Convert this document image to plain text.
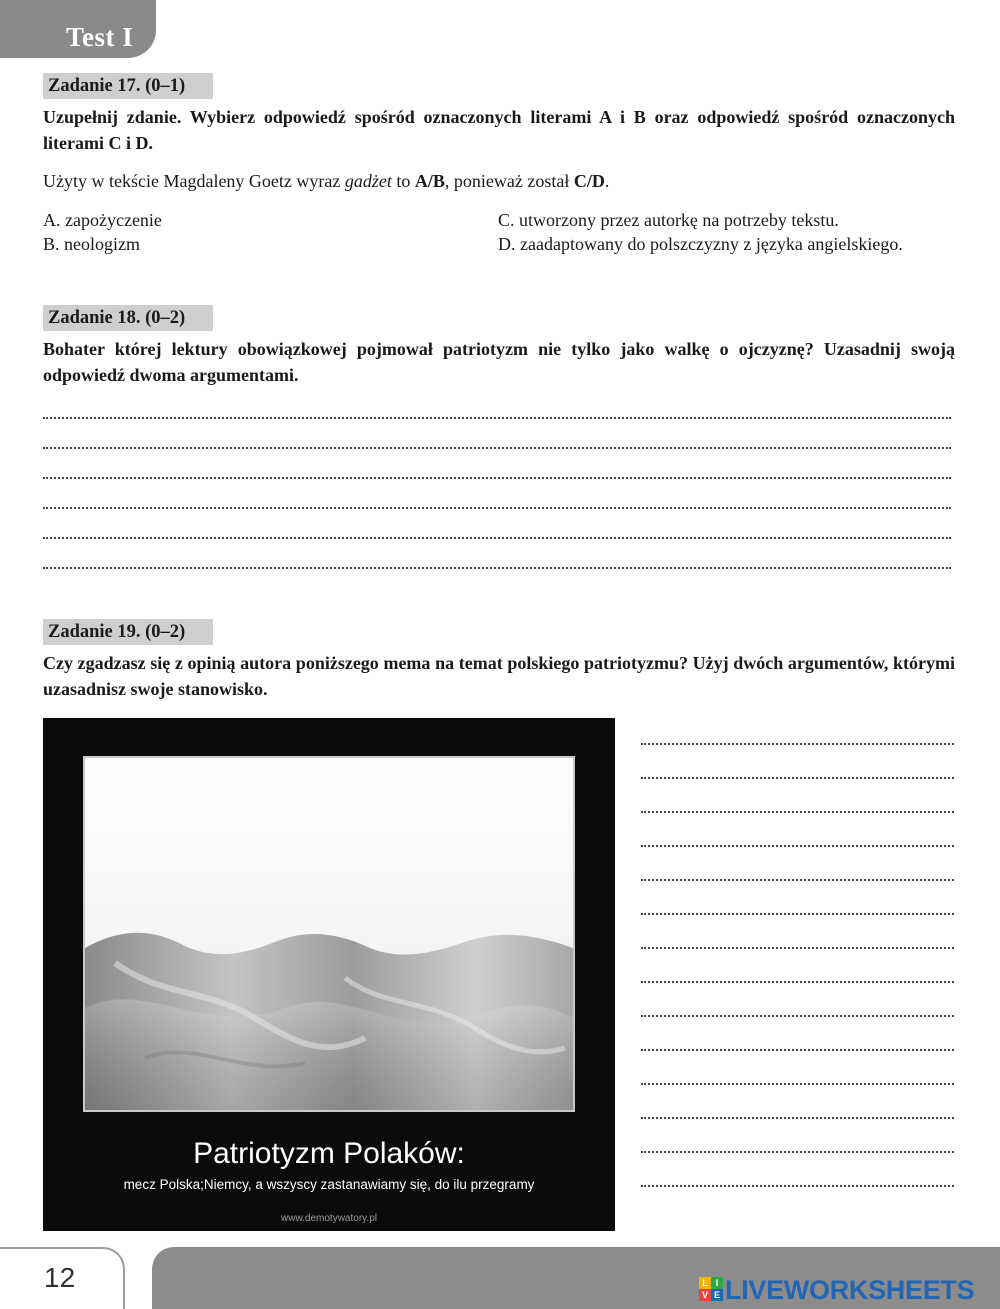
Test I
Zadanie 17. (0–1)

Uzupełnij zdanie. Wybierz odpowiedź spośród oznaczonych literami A i B oraz odpowiedź spośród oznaczonych literami C i D.

Użyty w tekście Magdaleny Goetz wyraz gadżet to A/B, ponieważ został C/D.

A. zapożyczenie

B. neologizm

C. utworzony przez autorkę na potrzeby tekstu.

D. zaadaptowany do polszczyzny z języka angielskiego.

Zadanie 18. (0–2)

Bohater której lektury obowiązkowej pojmował patriotyzm nie tylko jako walkę o ojczyznę? Uzasadnij swoją odpowiedź dwoma argumentami.

Zadanie 19. (0–2)

Czy zgadzasz się z opinią autora poniższego mema na temat polskiego patriotyzmu? Użyj dwóch argumentów, którymi uzasadnisz swoje stanowisko.

Patriotyzm Polaków:
mecz Polska;Niemcy, a wszyscy zastanawiamy się, do ilu przegramy
www.demotywatory.pl
12	L I
V E LIVEWORKSHEETS
